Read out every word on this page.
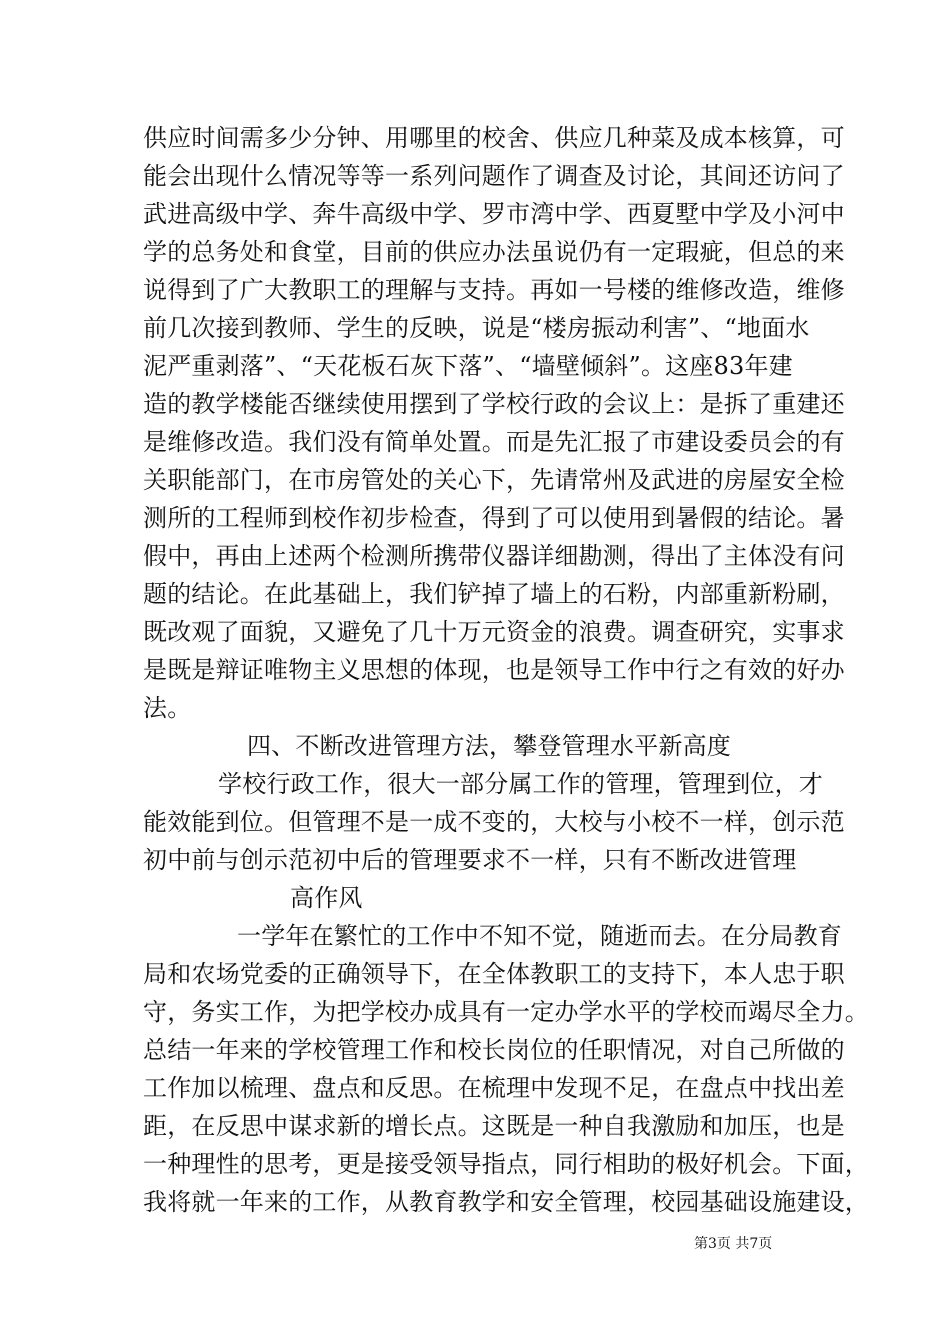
供应时间需多少分钟、用哪里的校舍、供应几种菜及成本核算，可
能会出现什么情况等等一系列问题作了调查及讨论，其间还访问了
武进高级中学、奔牛高级中学、罗市湾中学、西夏墅中学及小河中
学的总务处和食堂，目前的供应办法虽说仍有一定瑕疵，但总的来
说得到了广大教职工的理解与支持。再如一号楼的维修改造，维修
前几次接到教师、学生的反映，说是“楼房振动利害”、“地面水
泥严重剥落”、“天花板石灰下落”、“墙壁倾斜”。这座83年建
造的教学楼能否继续使用摆到了学校行政的会议上：是拆了重建还
是维修改造。我们没有简单处置。而是先汇报了市建设委员会的有
关职能部门，在市房管处的关心下，先请常州及武进的房屋安全检
测所的工程师到校作初步检查，得到了可以使用到暑假的结论。暑
假中，再由上述两个检测所携带仪器详细勘测，得出了主体没有问
题的结论。在此基础上，我们铲掉了墙上的石粉，内部重新粉刷，
既改观了面貌，又避免了几十万元资金的浪费。调查研究，实事求
是既是辩证唯物主义思想的体现，也是领导工作中行之有效的好办
法。
四、不断改进管理方法，攀登管理水平新高度
学校行政工作，很大一部分属工作的管理，管理到位，才
能效能到位。但管理不是一成不变的，大校与小校不一样，创示范
初中前与创示范初中后的管理要求不一样，只有不断改进管理
高作风
一学年在繁忙的工作中不知不觉，随逝而去。在分局教育
局和农场党委的正确领导下，在全体教职工的支持下，本人忠于职
守，务实工作，为把学校办成具有一定办学水平的学校而竭尽全力。
总结一年来的学校管理工作和校长岗位的任职情况，对自己所做的
工作加以梳理、盘点和反思。在梳理中发现不足，在盘点中找出差
距，在反思中谋求新的增长点。这既是一种自我激励和加压，也是
一种理性的思考，更是接受领导指点，同行相助的极好机会。下面，
我将就一年来的工作，从教育教学和安全管理，校园基础设施建设，
第3页 共7页
